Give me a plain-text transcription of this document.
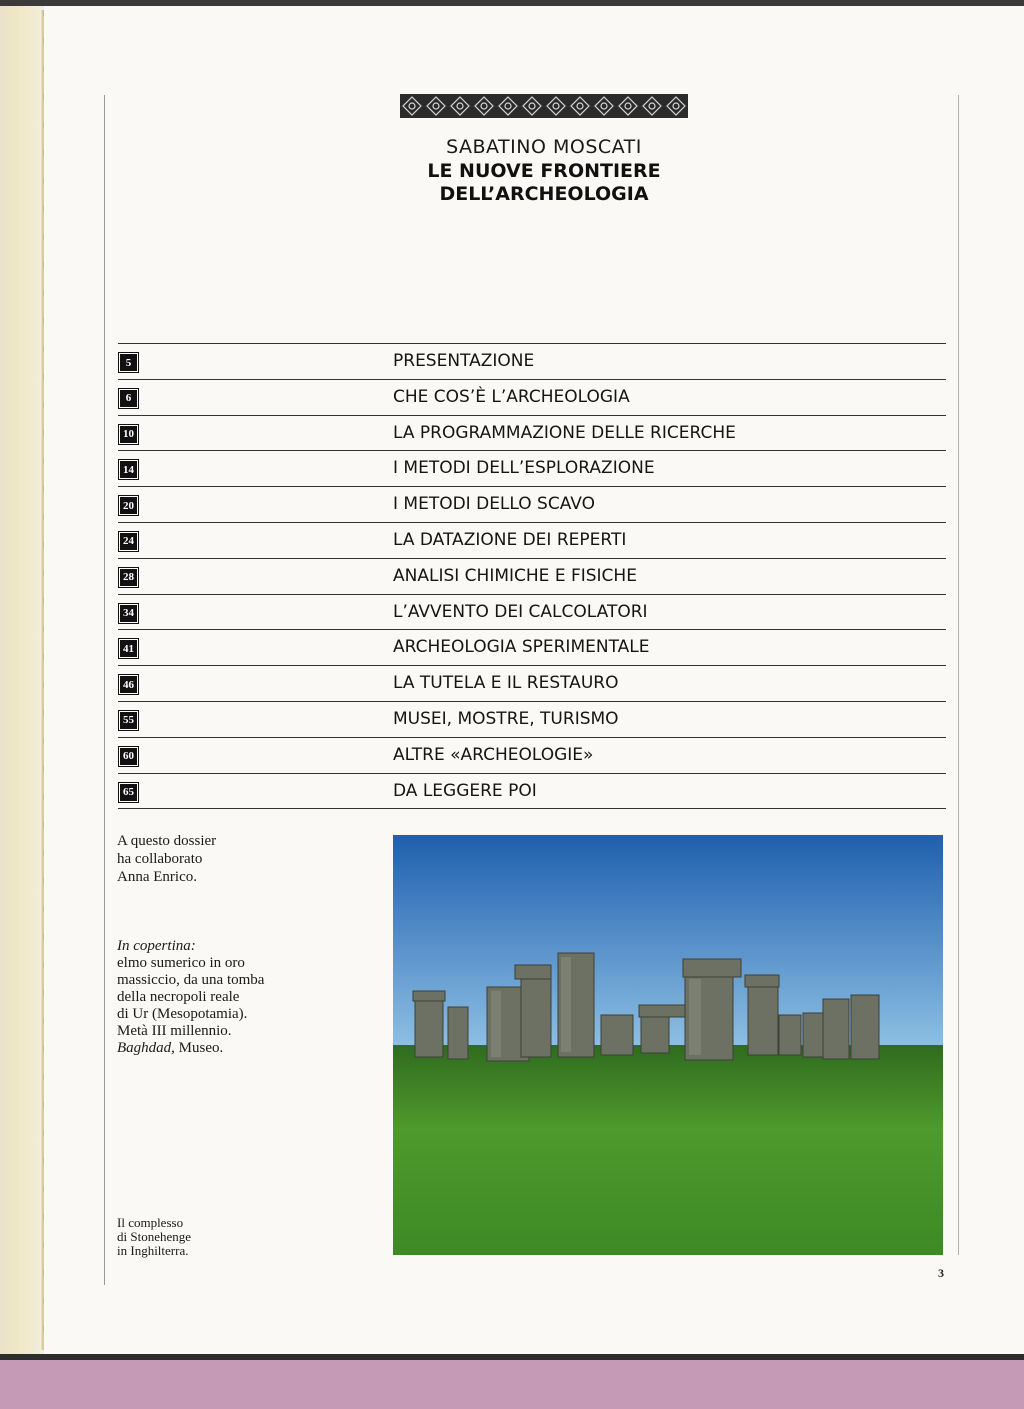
SABATINO MOSCATI
LE NUOVE FRONTIERE
DELL’ARCHEOLOGIA
5	PRESENTAZIONE
6	CHE COS’È L’ARCHEOLOGIA
10	LA PROGRAMMAZIONE DELLE RICERCHE
14	I METODI DELL’ESPLORAZIONE
20	I METODI DELLO SCAVO
24	LA DATAZIONE DEI REPERTI
28	ANALISI CHIMICHE E FISICHE
34	L’AVVENTO DEI CALCOLATORI
41	ARCHEOLOGIA SPERIMENTALE
46	LA TUTELA E IL RESTAURO
55	MUSEI, MOSTRE, TURISMO
60	ALTRE «ARCHEOLOGIE»
65	DA LEGGERE POI
A questo dossier
ha collaborato
Anna Enrico.
In copertina:
elmo sumerico in oro
massiccio, da una tomba
della necropoli reale
di Ur (Mesopotamia).
Metà III millennio.
Baghdad, Museo.
Il complesso
di Stonehenge
in Inghilterra.
3
